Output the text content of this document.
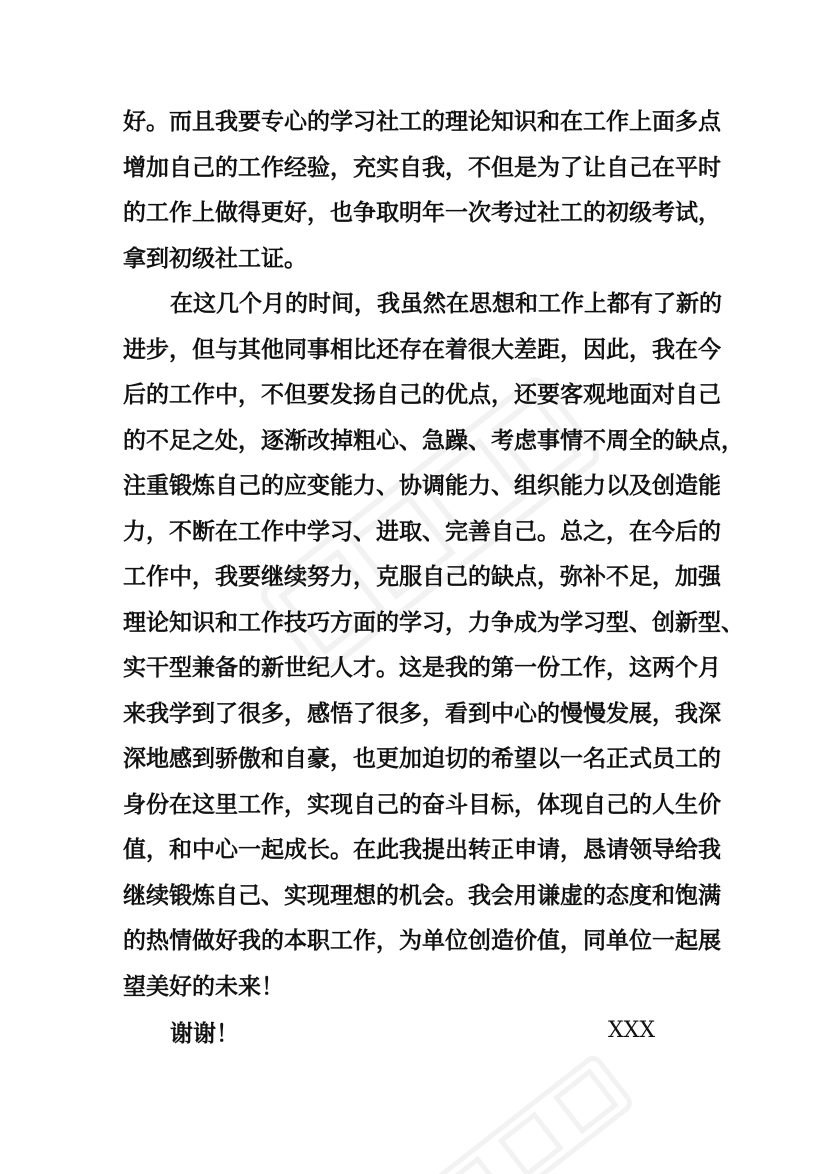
好。而且我要专心的学习社工的理论知识和在工作上面多点
增加自己的工作经验，充实自我，不但是为了让自己在平时
的工作上做得更好，也争取明年一次考过社工的初级考试，
拿到初级社工证。
在这几个月的时间，我虽然在思想和工作上都有了新的
进步，但与其他同事相比还存在着很大差距，因此，我在今
后的工作中，不但要发扬自己的优点，还要客观地面对自己
的不足之处，逐渐改掉粗心、急躁、考虑事情不周全的缺点，
注重锻炼自己的应变能力、协调能力、组织能力以及创造能
力，不断在工作中学习、进取、完善自己。总之，在今后的
工作中，我要继续努力，克服自己的缺点，弥补不足，加强
理论知识和工作技巧方面的学习，力争成为学习型、创新型、
实干型兼备的新世纪人才。这是我的第一份工作，这两个月
来我学到了很多，感悟了很多，看到中心的慢慢发展，我深
深地感到骄傲和自豪，也更加迫切的希望以一名正式员工的
身份在这里工作，实现自己的奋斗目标，体现自己的人生价
值，和中心一起成长。在此我提出转正申请，恳请领导给我
继续锻炼自己、实现理想的机会。我会用谦虚的态度和饱满
的热情做好我的本职工作，为单位创造价值，同单位一起展
望美好的未来！
谢谢！	XXX
